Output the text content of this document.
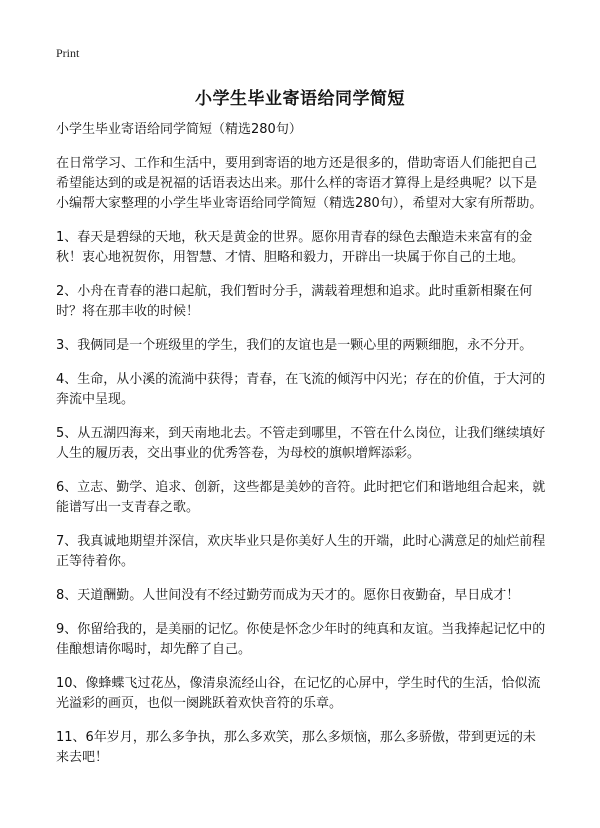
Print
小学生毕业寄语给同学简短

小学生毕业寄语给同学简短（精选280句）

在日常学习、工作和生活中，要用到寄语的地方还是很多的，借助寄语人们能把自己希望能达到的或是祝福的话语表达出来。那什么样的寄语才算得上是经典呢？以下是小编帮大家整理的小学生毕业寄语给同学简短（精选280句），希望对大家有所帮助。

1、春天是碧绿的天地，秋天是黄金的世界。愿你用青春的绿色去酿造未来富有的金秋！衷心地祝贺你，用智慧、才情、胆略和毅力，开辟出一块属于你自己的土地。

2、小舟在青春的港口起航，我们暂时分手，满载着理想和追求。此时重新相聚在何时？将在那丰收的时候！

3、我俩同是一个班级里的学生，我们的友谊也是一颗心里的两颗细胞，永不分开。

4、生命，从小溪的流淌中获得；青春，在飞流的倾泻中闪光；存在的价值，于大河的奔流中呈现。

5、从五湖四海来，到天南地北去。不管走到哪里，不管在什么岗位，让我们继续填好人生的履历表，交出事业的优秀答卷，为母校的旗帜增辉添彩。

6、立志、勤学、追求、创新，这些都是美妙的音符。此时把它们和谐地组合起来，就能谱写出一支青春之歌。

7、我真诚地期望并深信，欢庆毕业只是你美好人生的开端，此时心满意足的灿烂前程正等待着你。

8、天道酬勤。人世间没有不经过勤劳而成为天才的。愿你日夜勤奋，早日成才！

9、你留给我的，是美丽的记忆。你使是怀念少年时的纯真和友谊。当我捧起记忆中的佳酿想请你喝时，却先醉了自己。

10、像蜂蝶飞过花丛，像清泉流经山谷，在记忆的心屏中，学生时代的生活，恰似流光溢彩的画页，也似一阕跳跃着欢快音符的乐章。

11、6年岁月，那么多争执，那么多欢笑，那么多烦恼，那么多骄傲，带到更远的未来去吧！
